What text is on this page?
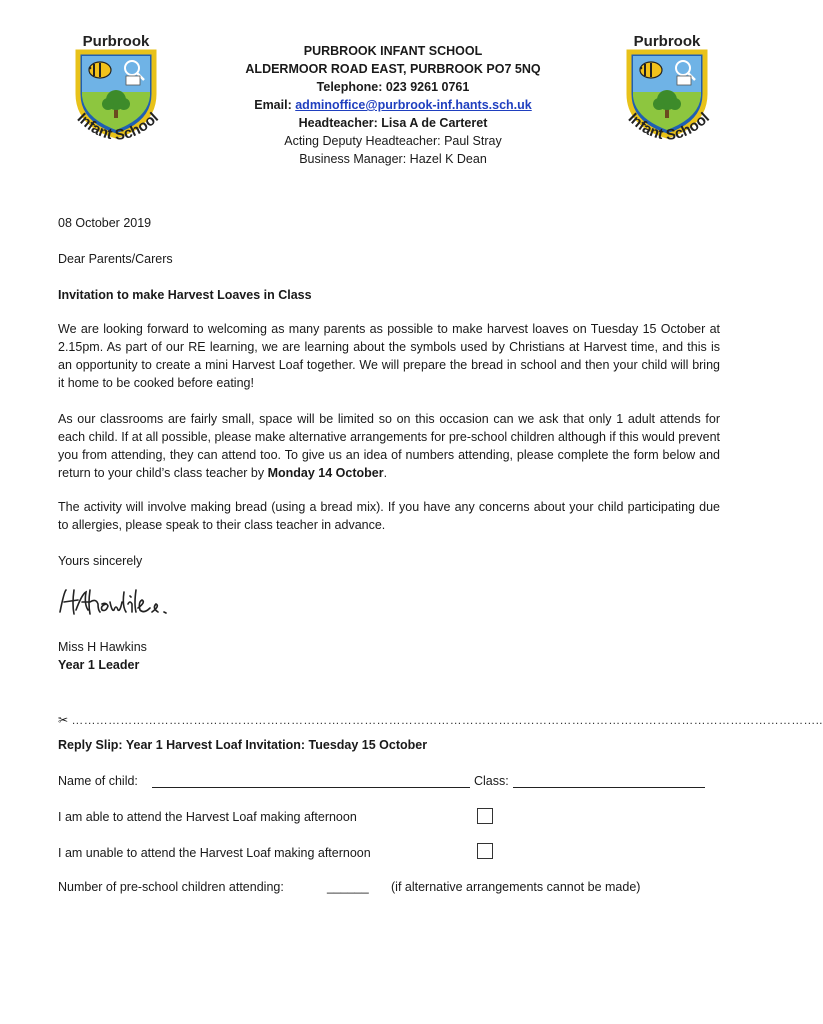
Purbrook
Infant School
Purbrook
Infant School
PURBROOK INFANT SCHOOL
ALDERMOOR ROAD EAST, PURBROOK PO7 5NQ
Telephone: 023 9261 0761
Email: adminoffice@purbrook-inf.hants.sch.uk
Headteacher: Lisa A de Carteret
Acting Deputy Headteacher: Paul Stray
Business Manager: Hazel K Dean
08 October 2019
Dear Parents/Carers
Invitation to make Harvest Loaves in Class

We are looking forward to welcoming as many parents as possible to make harvest loaves on Tuesday 15 October at 2.15pm. As part of our RE learning, we are learning about the symbols used by Christians at Harvest time, and this is an opportunity to create a mini Harvest Loaf together. We will prepare the bread in school and then your child will bring it home to be cooked before eating!

As our classrooms are fairly small, space will be limited so on this occasion can we ask that only 1 adult attends for each child. If at all possible, please make alternative arrangements for pre-school children although if this would prevent you from attending, they can attend too. To give us an idea of numbers attending, please complete the form below and return to your child’s class teacher by Monday 14 October.

The activity will involve making bread (using a bread mix). If you have any concerns about your child participating due to allergies, please speak to their class teacher in advance.

Yours sincerely
Miss H Hawkins
Year 1 Leader
✂ …………………………………………………………………………………………………………………………………………………………………..
Reply Slip: Year 1 Harvest Loaf Invitation: Tuesday 15 October
Name of child:	Class:
I am able to attend the Harvest Loaf making afternoon
I am unable to attend the Harvest Loaf making afternoon
Number of pre-school children attending:	______ (if alternative arrangements cannot be made)
